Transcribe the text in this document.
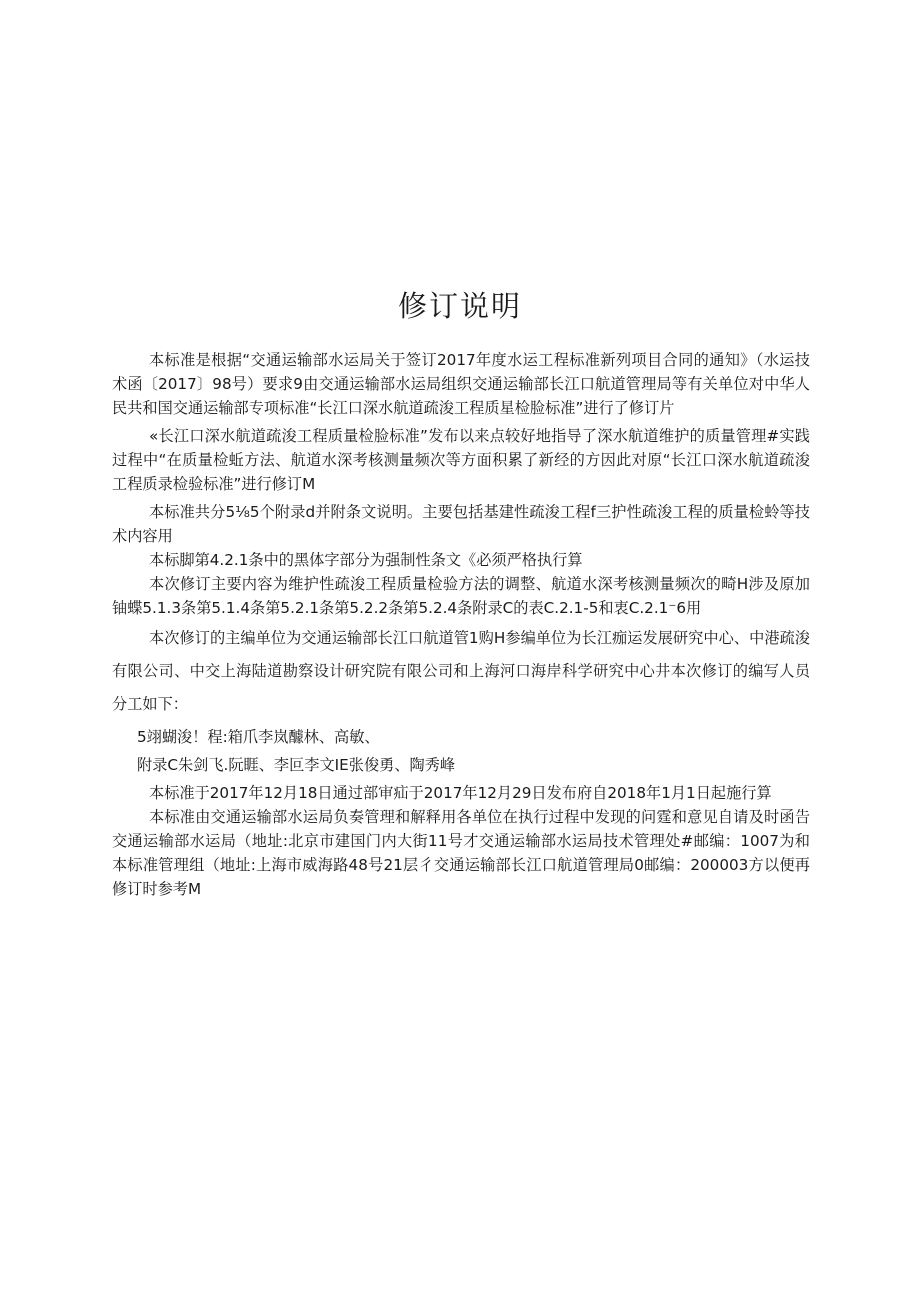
修订说明

本标准是根据“交通运输部水运局关于签订2017年度水运工程标准新列项目合同的通知》（水运技术函〔2017〕98号）要求9由交通运输部水运局组织交通运输部长江口航道管理局等有关单位对中华人民共和国交通运输部专项标准“长江口深水航道疏浚工程质星检脸标准”进行了修订片

«长江口深水航道疏浚工程质量检脸标准”发布以来点较好地指导了深水航道维护的质量管理#实践过程中“在质量检蚯方法、航道水深考核测量频次等方面积累了新经的方因此对原“长江口深水航道疏浚工程质录检验标准”进行修订M

本标准共分5⅛5个附录d并附条文说明。主要包括基建性疏浚工程f三护性疏浚工程的质量检蛉等技术内容用

本标脚第4.2.1条中的黑体字部分为强制性条文《必须严格执行算

本次修订主要内容为维护性疏浚工程质量检验方法的调整、航道水深考核测量频次的畸H涉及原加铀蝶5.1.3条第5.1.4条第5.2.1条第5.2.2条第5.2.4条附录C的表C.2.1-5和衷C.2.1⁻6用

本次修订的主编单位为交通运输部长江口航道管1购H参编单位为长江痂运发展研究中心、中港疏浚有限公司、中交上海陆道勘察设计研究院有限公司和上海河口海岸科学研究中心井本次修订的编写人员分工如下：

5翊蝴浚！程:箱爪李岚醵林、高敏、

附录C朱剑飞.阮睚、李叵李文IE张俊勇、陶秀峰

本标准于2017年12月18日通过部审疝于2017年12月29日发布府自2018年1月1日起施行算

本标准由交通运输部水运局负奏管理和解释用各单位在执行过程中发现的问霆和意见自请及时函告交通运输部水运局（地址:北京市建国门内大街11号才交通运输部水运局技术管理处#邮编：1007为和本标准管理组（地址:上海市威海路48号21层彳交通运输部长江口航道管理局0邮编：200003方以便再修订时参考M
